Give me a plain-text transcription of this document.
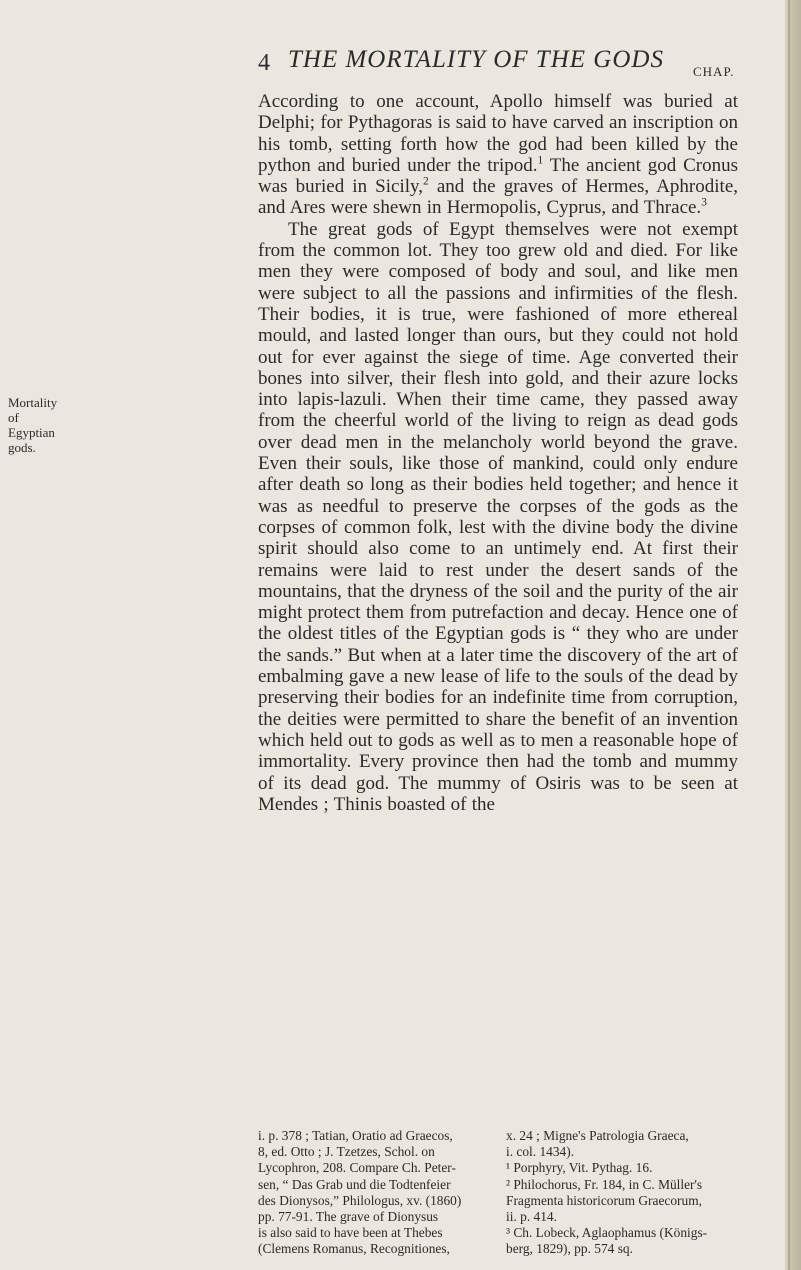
4 THE MORTALITY OF THE GODS CHAP.
Mortality
of
Egyptian
gods.

According to one account, Apollo himself was buried at Delphi; for Pythagoras is said to have carved an inscription on his tomb, setting forth how the god had been killed by the python and buried under the tripod.$^1$ The ancient god Cronus was buried in Sicily,$^2$ and the graves of Hermes, Aphrodite, and Ares were shewn in Hermopolis, Cyprus, and Thrace.$^3$

The great gods of Egypt themselves were not exempt from the common lot. They too grew old and died. For like men they were composed of body and soul, and like men were subject to all the passions and infirmities of the flesh. Their bodies, it is true, were fashioned of more ethereal mould, and lasted longer than ours, but they could not hold out for ever against the siege of time. Age converted their bones into silver, their flesh into gold, and their azure locks into lapis-lazuli. When their time came, they passed away from the cheerful world of the living to reign as dead gods over dead men in the melancholy world beyond the grave. Even their souls, like those of mankind, could only endure after death so long as their bodies held together; and hence it was as needful to preserve the corpses of the gods as the corpses of common folk, lest with the divine body the divine spirit should also come to an untimely end. At first their remains were laid to rest under the desert sands of the mountains, that the dryness of the soil and the purity of the air might protect them from putrefaction and decay. Hence one of the oldest titles of the Egyptian gods is “ they who are under the sands.” But when at a later time the discovery of the art of embalming gave a new lease of life to the souls of the dead by preserving their bodies for an indefinite time from corruption, the deities were permitted to share the benefit of an invention which held out to gods as well as to men a reasonable hope of immortality. Every province then had the tomb and mummy of its dead god. The mummy of Osiris was to be seen at Mendes ; Thinis boasted of the

i. p. 378 ; Tatian, Oratio ad Graecos,
8, ed. Otto ; J. Tzetzes, Schol. on
Lycophron, 208. Compare Ch. Peter-
sen, “ Das Grab und die Todtenfeier
des Dionysos,” Philologus, xv. (1860)
pp. 77-91. The grave of Dionysus
is also said to have been at Thebes
(Clemens Romanus, Recognitiones,
x. 24 ; Migne's Patrologia Graeca,
i. col. 1434).
¹ Porphyry, Vit. Pythag. 16.
² Philochorus, Fr. 184, in C. Müller's
Fragmenta historicorum Graecorum,
ii. p. 414.
³ Ch. Lobeck, Aglaophamus (Königs-
berg, 1829), pp. 574 sq.
